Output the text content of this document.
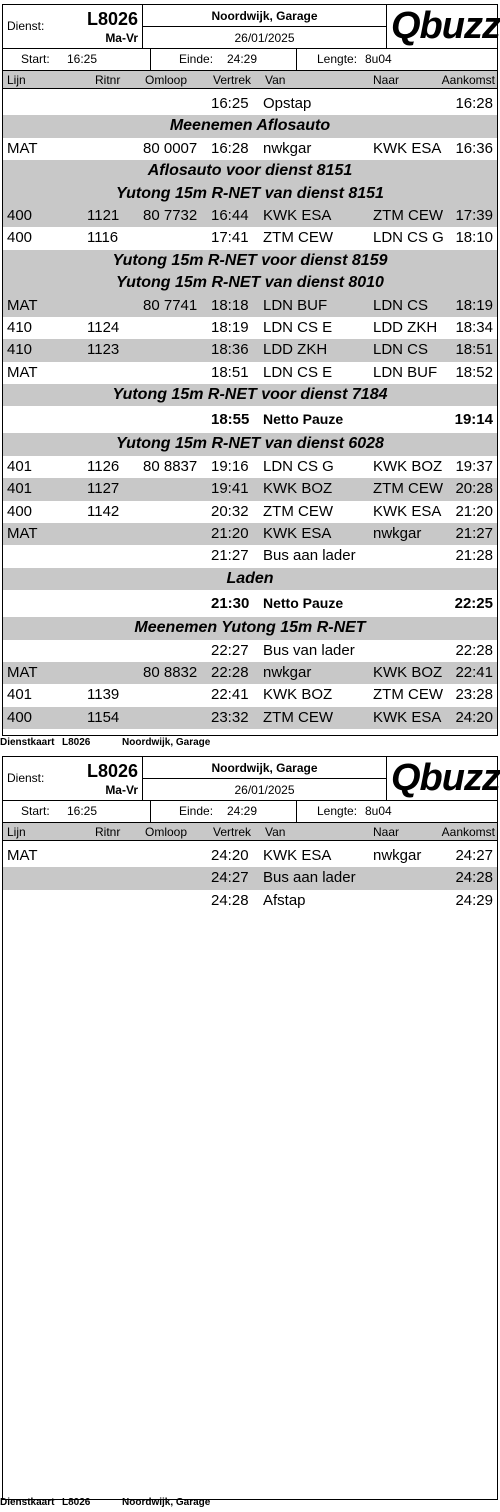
Dienst: L8026
Ma-Vr
Noordwijk, Garage
26/01/2025	Qbuzz
Start: 16:25	Einde: 24:29	Lengte: 8u04
Lijn	Ritnr Omloop Vertrek Van	Naar	Aankomst
16:25 Opstap	16:28
Meenemen Aflosauto
MAT	80 0007 16:28 nwkgar	KWK ESA 16:36
Aflosauto voor dienst 8151
Yutong 15m R-NET van dienst 8151
400	1121 80 7732 16:44 KWK ESA	ZTM CEW 17:39
400	1116	17:41 ZTM CEW	LDN CS G 18:10
Yutong 15m R-NET voor dienst 8159
Yutong 15m R-NET van dienst 8010
MAT	80 7741 18:18 LDN BUF	LDN CS 18:19
410	1124	18:19 LDN CS E	LDD ZKH 18:34
410	1123	18:36 LDD ZKH	LDN CS 18:51
MAT	18:51 LDN CS E	LDN BUF 18:52
Yutong 15m R-NET voor dienst 7184
18:55 Netto Pauze	19:14
Yutong 15m R-NET van dienst 6028
401	1126 80 8837 19:16 LDN CS G	KWK BOZ 19:37
401	1127	19:41 KWK BOZ	ZTM CEW 20:28
400	1142	20:32 ZTM CEW	KWK ESA 21:20
MAT	21:20 KWK ESA	nwkgar 21:27
21:27 Bus aan lader	21:28
Laden
21:30 Netto Pauze	22:25
Meenemen Yutong 15m R-NET
22:27 Bus van lader	22:28
MAT	80 8832 22:28 nwkgar	KWK BOZ 22:41
401	1139	22:41 KWK BOZ	ZTM CEW 23:28
400	1154	23:32 ZTM CEW	KWK ESA 24:20
Dienstkaart L8026	Noordwijk, Garage
Dienst: L8026
Ma-Vr
Noordwijk, Garage
26/01/2025	Qbuzz
Start: 16:25	Einde: 24:29	Lengte: 8u04
Lijn	Ritnr Omloop Vertrek Van	Naar	Aankomst
MAT	24:20 KWK ESA	nwkgar 24:27
24:27 Bus aan lader	24:28
24:28 Afstap	24:29
Dienstkaart L8026	Noordwijk, Garage
